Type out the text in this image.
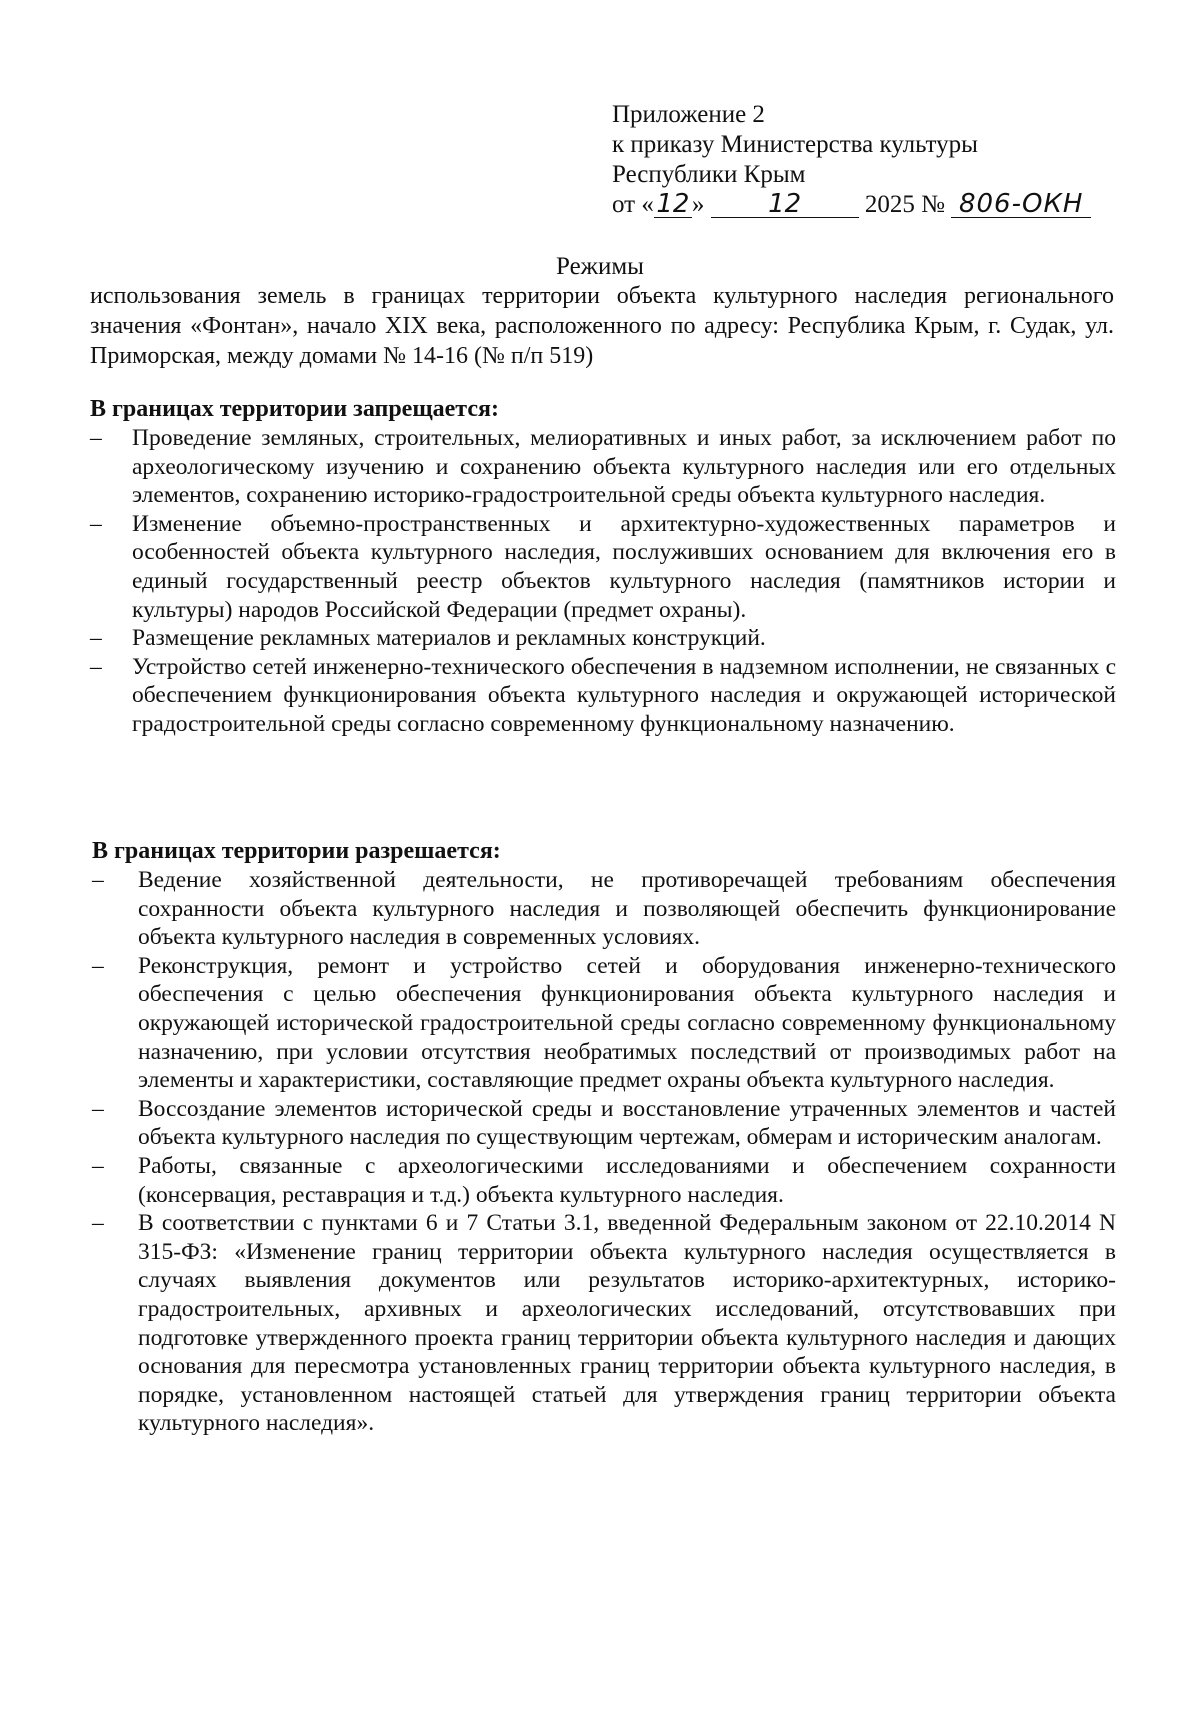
Приложение 2
к приказу Министерства культуры
Республики Крым
от «12» 12	2025 № 806-ОКН
Режимы
использования земель в границах территории объекта культурного наследия регионального значения «Фонтан», начало XIX века, расположенного по адресу: Республика Крым, г. Судак, ул. Приморская, между домами № 14-16 (№ п/п 519)
В границах территории запрещается:
– Проведение земляных, строительных, мелиоративных и иных работ, за исключением работ по археологическому изучению и сохранению объекта культурного наследия или его отдельных элементов, сохранению историко-градостроительной среды объекта культурного наследия.
– Изменение объемно-пространственных и архитектурно-художественных параметров и особенностей объекта культурного наследия, послуживших основанием для включения его в единый государственный реестр объектов культурного наследия (памятников истории и культуры) народов Российской Федерации (предмет охраны).
– Размещение рекламных материалов и рекламных конструкций.
– Устройство сетей инженерно-технического обеспечения в надземном исполнении, не связанных с обеспечением функционирования объекта культурного наследия и окружающей исторической градостроительной среды согласно современному функциональному назначению.
В границах территории разрешается:
– Ведение хозяйственной деятельности, не противоречащей требованиям обеспечения сохранности объекта культурного наследия и позволяющей обеспечить функционирование объекта культурного наследия в современных условиях.
– Реконструкция, ремонт и устройство сетей и оборудования инженерно-технического обеспечения с целью обеспечения функционирования объекта культурного наследия и окружающей исторической градостроительной среды согласно современному функциональному назначению, при условии отсутствия необратимых последствий от производимых работ на элементы и характеристики, составляющие предмет охраны объекта культурного наследия.
– Воссоздание элементов исторической среды и восстановление утраченных элементов и частей объекта культурного наследия по существующим чертежам, обмерам и историческим аналогам.
– Работы, связанные с археологическими исследованиями и обеспечением сохранности (консервация, реставрация и т.д.) объекта культурного наследия.
– В соответствии с пунктами 6 и 7 Статьи 3.1, введенной Федеральным законом от 22.10.2014 N 315-ФЗ: «Изменение границ территории объекта культурного наследия осуществляется в случаях выявления документов или результатов историко-архитектурных, историко-градостроительных, архивных и археологических исследований, отсутствовавших при подготовке утвержденного проекта границ территории объекта культурного наследия и дающих основания для пересмотра установленных границ территории объекта культурного наследия, в порядке, установленном настоящей статьей для утверждения границ территории объекта культурного наследия».
